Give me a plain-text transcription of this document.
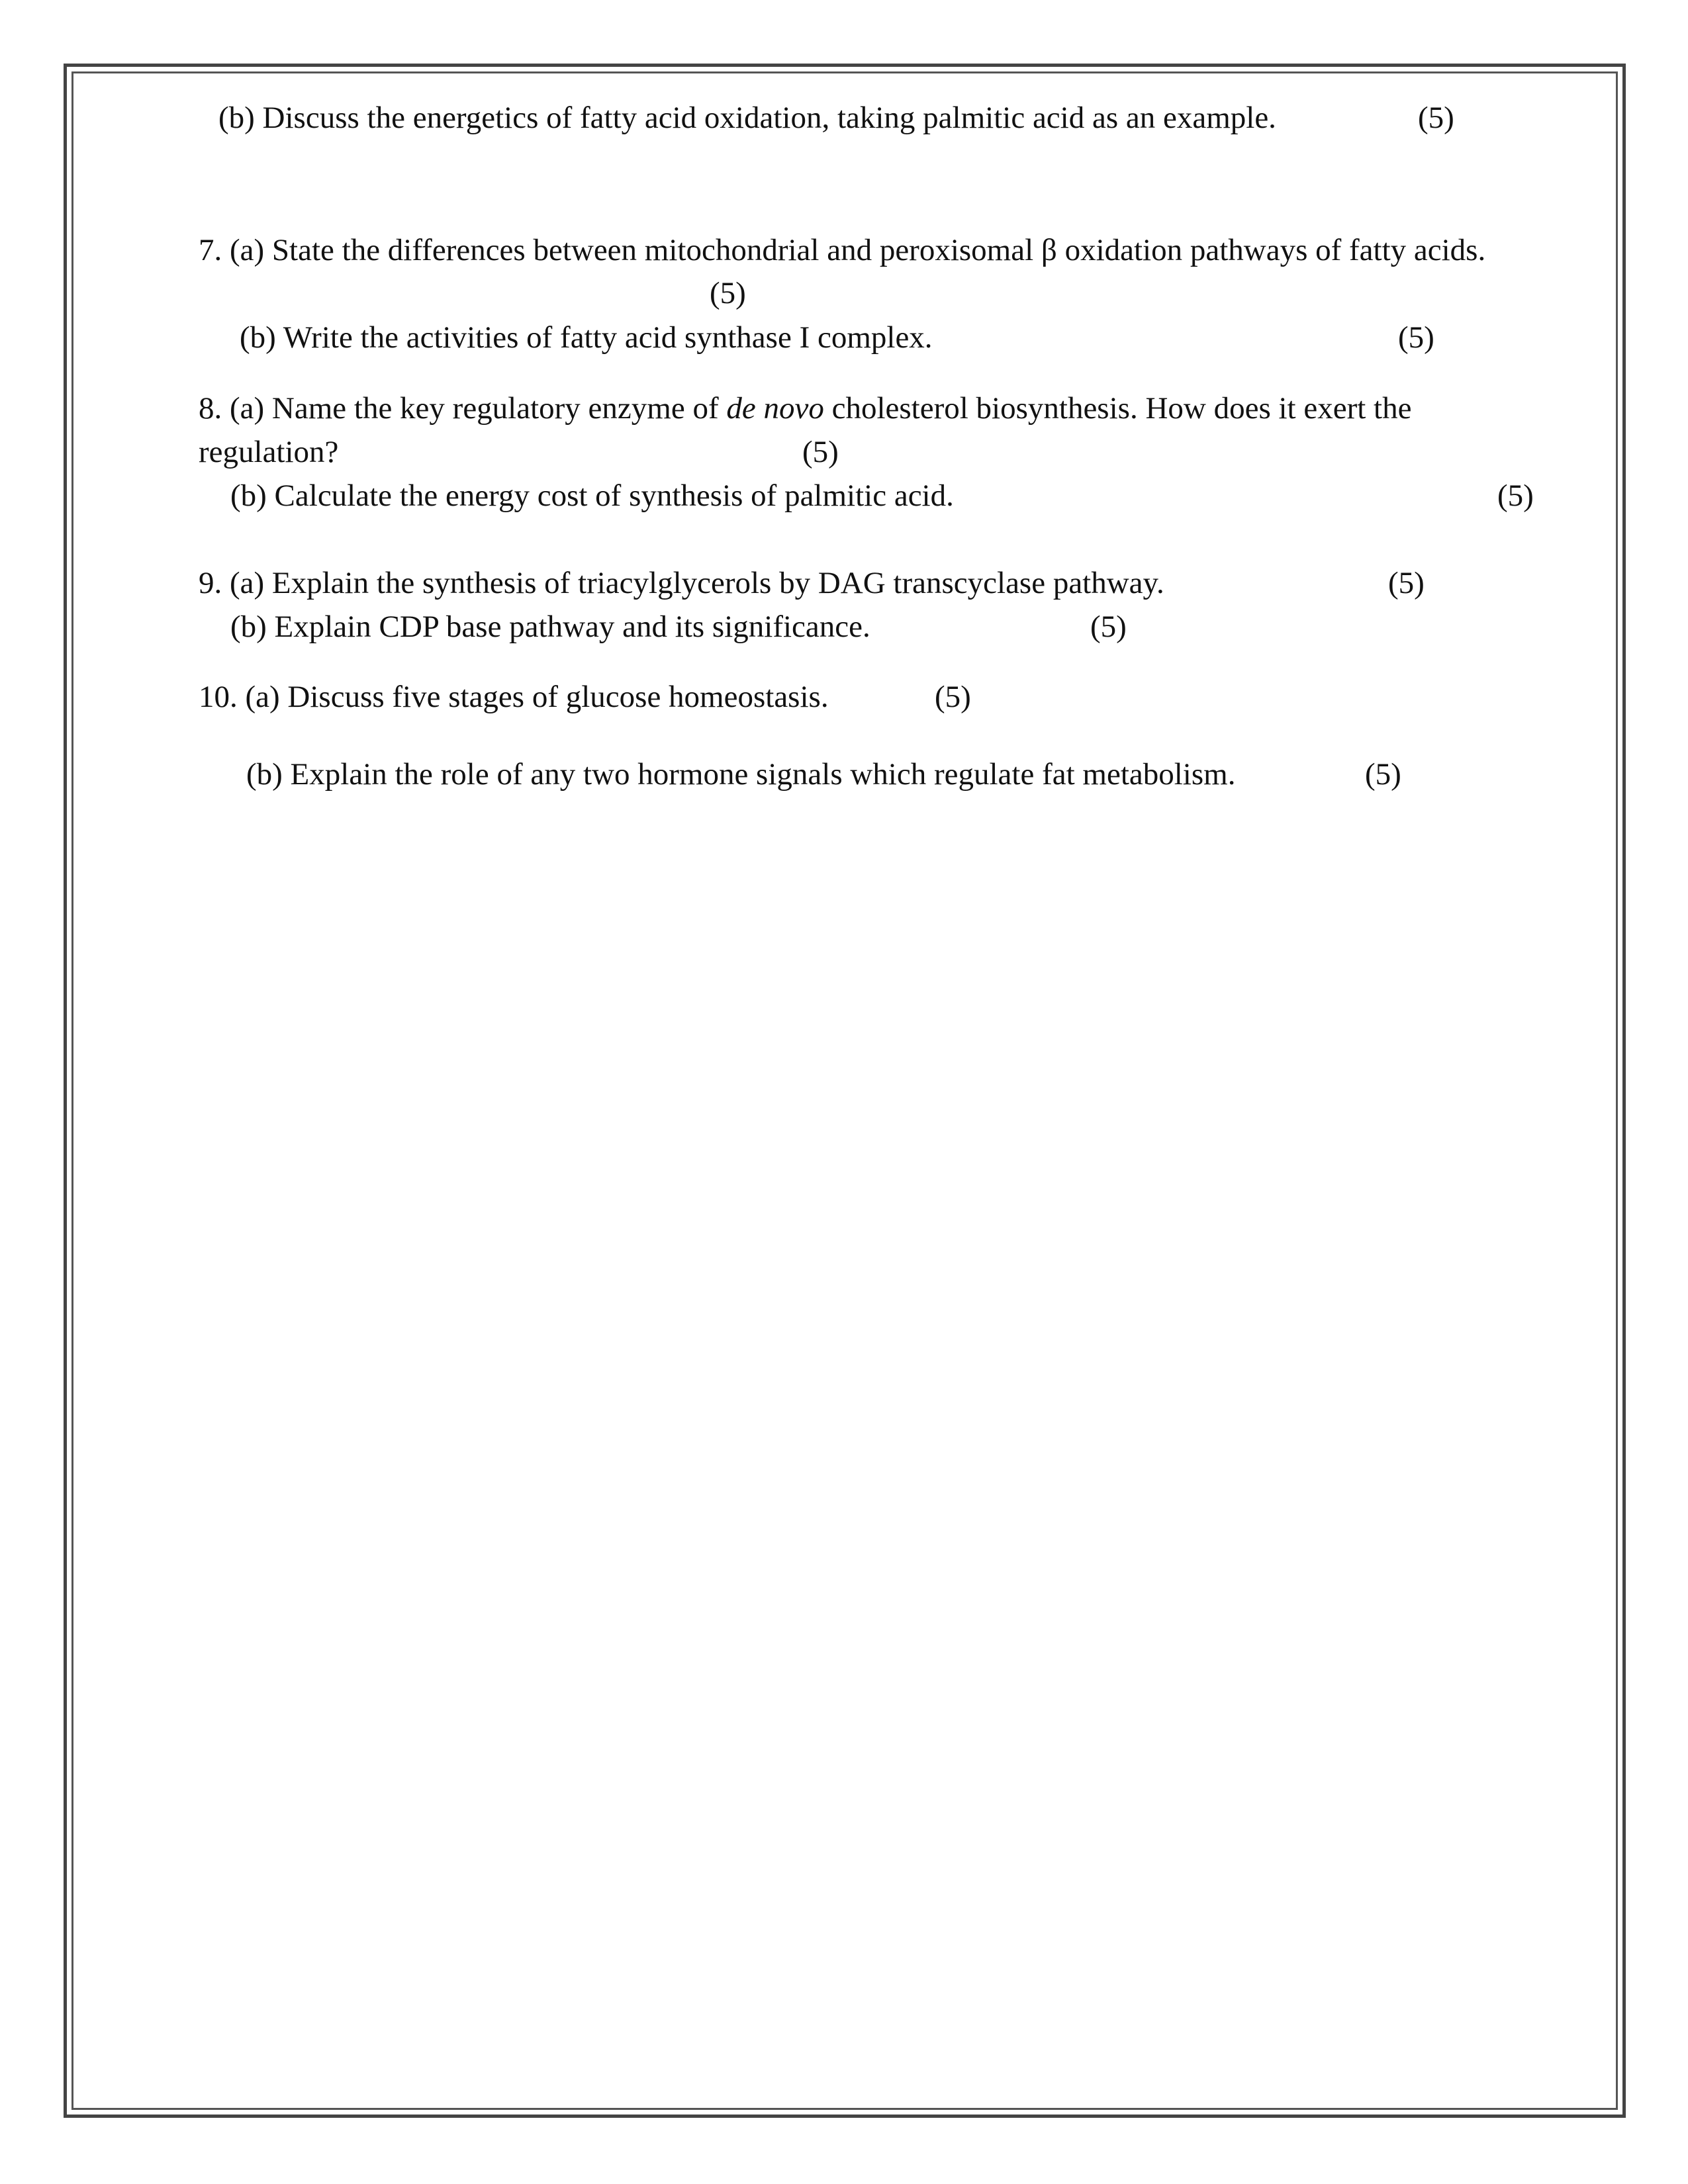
(b) Discuss the energetics of fatty acid oxidation, taking palmitic acid as an example.	(5)
7. (a) State the differences between mitochondrial and peroxisomal β oxidation pathways of fatty acids.
(5)
(b) Write the activities of fatty acid synthase I complex.	(5)
8. (a) Name the key regulatory enzyme of de novo cholesterol biosynthesis. How does it exert the
regulation?	(5)
(b) Calculate the energy cost of synthesis of palmitic acid.	(5)
9. (a) Explain the synthesis of triacylglycerols by DAG transcyclase pathway.	(5)
(b) Explain CDP base pathway and its significance.	(5)
10. (a) Discuss five stages of glucose homeostasis.	(5)
(b) Explain the role of any two hormone signals which regulate fat metabolism.	(5)
